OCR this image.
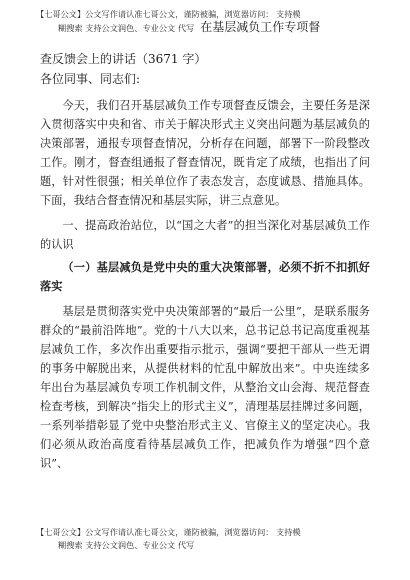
【七哥公文】公文写作请认准七哥公文，谨防被骗，浏览器访问： 支持模
糊搜索 支持公文润色、专业公文 代写 在基层减负工作专项督
查反馈会上的讲话（3671 字）
各位同事、同志们:

今天，我们召开基层减负工作专项督查反馈会，主要任务是深入贯彻落实中央和省、市关于解决形式主义突出问题为基层减负的决策部署，通报专项督查情况，分析存在问题，部署下一阶段整改工作。刚才，督查组通报了督查情况，既肯定了成绩，也指出了问题，针对性很强；相关单位作了表态发言，态度诚恳、措施具体。下面，我结合督查情况和基层实际，讲三点意见。

一、提高政治站位，以“国之大者”的担当深化对基层减负工作的认识

（一）基层减负是党中央的重大决策部署，必须不折不扣抓好落实

基层是贯彻落实党中央决策部署的“最后一公里”，是联系服务群众的“最前沿阵地”。党的十八大以来，总书记总书记高度重视基层减负工作，多次作出重要指示批示，强调“要把干部从一些无谓的事务中解脱出来，从提供材料的忙乱中解放出来”。中央连续多年出台为基层减负专项工作机制文件，从整治文山会海、规范督查检查考核，到解决“指尖上的形式主义”，清理基层挂牌过多问题，一系列举措彰显了党中央整治形式主义、官僚主义的坚定决心。我们必须从政治高度看待基层减负工作，把减负作为增强“四个意识”、

【七哥公文】公文写作请认准七哥公文，谨防被骗，浏览器访问： 支持模
糊搜索 支持公文润色、专业公文 代写
